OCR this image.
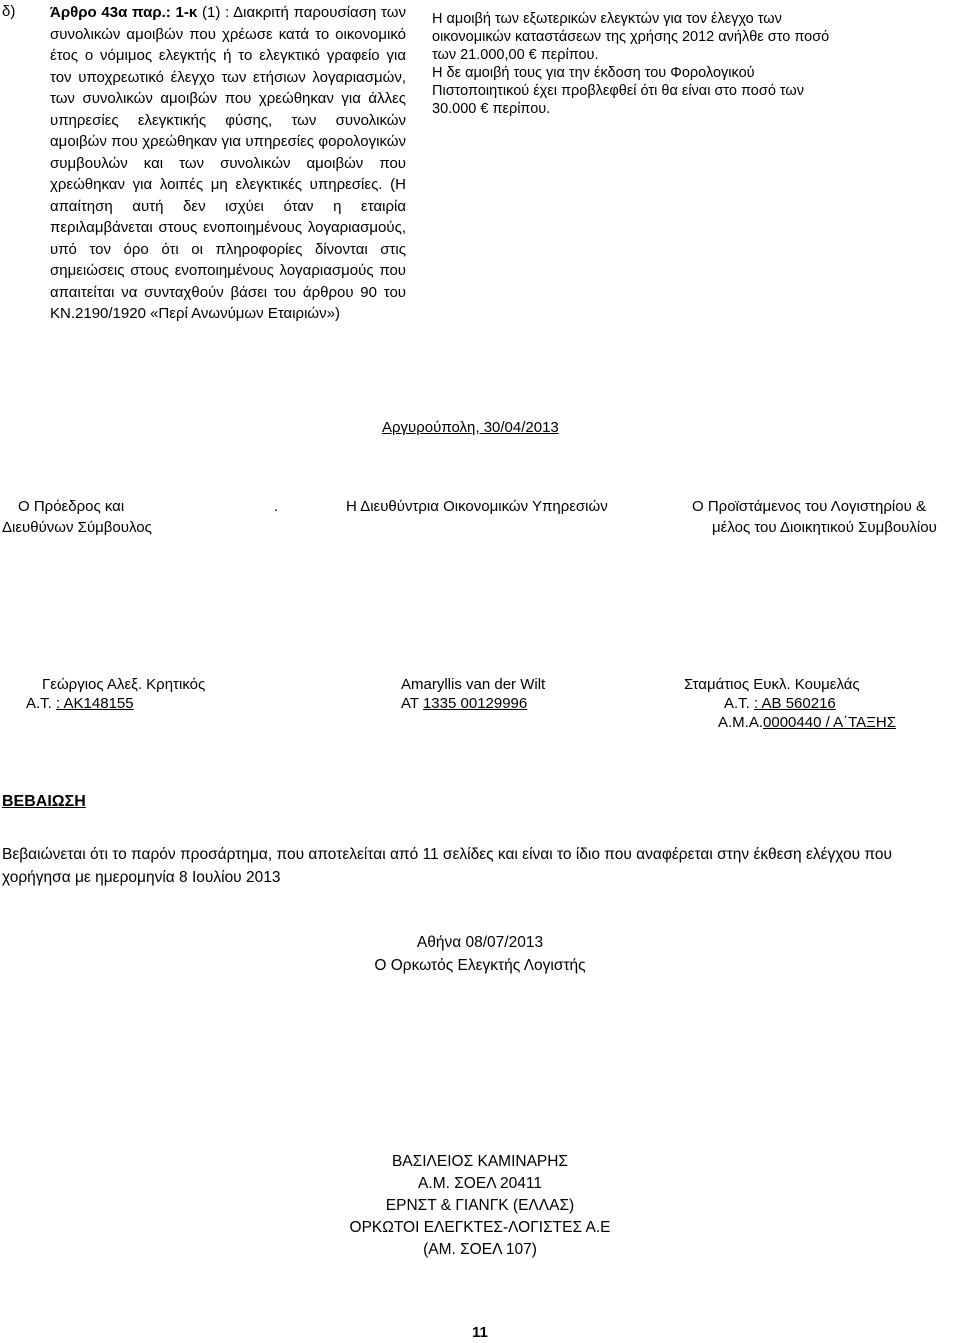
δ) Άρθρο 43α παρ.: 1-κ (1) : Διακριτή παρουσίαση των συνολικών αμοιβών που χρέωσε κατά το οικονομικό έτος ο νόμιμος ελεγκτής ή το ελεγκτικό γραφείο για τον υποχρεωτικό έλεγχο των ετήσιων λογαριασμών, των συνολικών αμοιβών που χρεώθηκαν για άλλες υπηρεσίες ελεγκτικής φύσης, των συνολικών αμοιβών που χρεώθηκαν για υπηρεσίες φορολογικών συμβουλών και των συνολικών αμοιβών που χρεώθηκαν για λοιπές μη ελεγκτικές υπηρεσίες. (Η απαίτηση αυτή δεν ισχύει όταν η εταιρία περιλαμβάνεται στους ενοποιημένους λογαριασμούς, υπό τον όρο ότι οι πληροφορίες δίνονται στις σημειώσεις στους ενοποιημένους λογαριασμούς που απαιτείται να συνταχθούν βάσει του άρθρου 90 του ΚΝ.2190/1920 «Περί Ανωνύμων Εταιριών»)

Η αμοιβή των εξωτερικών ελεγκτών για τον έλεγχο των οικονομικών καταστάσεων της χρήσης 2012 ανήλθε στο ποσό των 21.000,00 € περίπου.

Η δε αμοιβή τους για την έκδοση του Φορολογικού Πιστοποιητικού έχει προβλεφθεί ότι θα είναι στο ποσό των 30.000 € περίπου.

Αργυρούπολη, 30/04/2013
Ο Πρόεδρος και	.
Διευθύνων Σύμβουλος
Η Διευθύντρια Οικονομικών Υπηρεσιών	Ο Προϊστάμενος του Λογιστηρίου &
μέλος του Διοικητικού Συμβουλίου
Γεώργιος Αλεξ. Κρητικός
Α.Τ. : ΑΚ148155
Amaryllis van der Wilt
ΑΤ 1335 00129996
Σταμάτιος Ευκλ. Κουμελάς
Α.Τ. : ΑΒ 560216
Α.Μ.Α.0000440 / Α΄ΤΑΞΗΣ
ΒΕΒΑΙΩΣΗ
Βεβαιώνεται ότι το παρόν προσάρτημα, που αποτελείται από 11 σελίδες και είναι το ίδιο που αναφέρεται στην έκθεση ελέγχου που χορήγησα με ημερομηνία 8 Ιουλίου 2013
Αθήνα 08/07/2013
Ο Ορκωτός Ελεγκτής Λογιστής
ΒΑΣΙΛΕΙΟΣ ΚΑΜΙΝΑΡΗΣ
Α.Μ. ΣΟΕΛ 20411
ΕΡΝΣΤ & ΓΙΑΝΓΚ (ΕΛΛΑΣ)
ΟΡΚΩΤΟΙ ΕΛΕΓΚΤΕΣ-ΛΟΓΙΣΤΕΣ Α.Ε
(ΑΜ. ΣΟΕΛ 107)
11
